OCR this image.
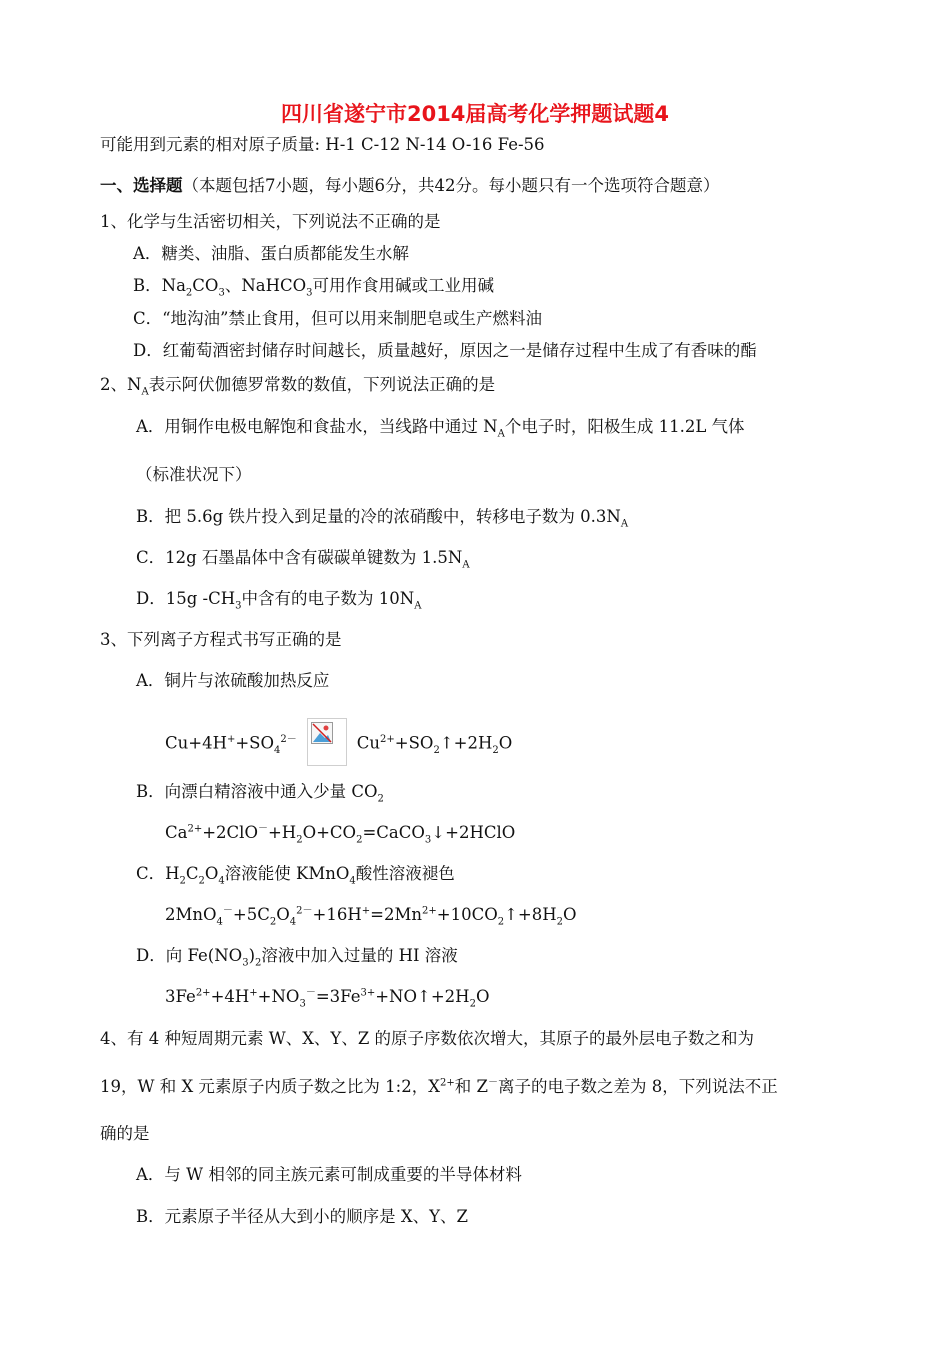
四川省遂宁市2014届高考化学押题试题4
可能用到元素的相对原子质量: H-1 C-12 N-14 O-16 Fe-56
一、选择题（本题包括7小题，每小题6分，共42分。每小题只有一个选项符合题意）
1、化学与生活密切相关，下列说法不正确的是
A．糖类、油脂、蛋白质都能发生水解
B．$Na_2CO_3$、NaHCO$_3$可用作食用碱或工业用碱
C．“地沟油”禁止食用，但可以用来制肥皂或生产燃料油
D．红葡萄酒密封储存时间越长，质量越好，原因之一是储存过程中生成了有香味的酯
2、$N_A$表示阿伏伽德罗常数的数值，下列说法正确的是
A．用铜作电极电解饱和食盐水，当线路中通过 $N_A$个电子时，阳极生成 11.2L 气体
（标准状况下）
B．把 5.6g 铁片投入到足量的冷的浓硝酸中，转移电子数为 $0.3N_A$
C．12g 石墨晶体中含有碳碳单键数为 $1.5N_A$
D．15g $-CH_3$中含有的电子数为 $10N_A$
3、下列离子方程式书写正确的是
A．铜片与浓硫酸加热反应
$Cu+4H^++SO_4^{2-}$	$Cu^{2+}+SO_2↑+2H_2O$
B．向漂白精溶液中通入少量 $CO_2$
$Ca^{2+}+2ClO^-+H_2O+CO_2=CaCO_3↓+2HClO$
C．$H_2C_2O_4$溶液能使 KMnO$_4$酸性溶液褪色
$2MnO_4^-+5C_2O_4^{2-}+16H^+=2Mn^{2+}+10CO_2↑+8H_2O$
D．向 $Fe(NO_3)_2$溶液中加入过量的 HI 溶液
$3Fe^{2+}+4H^++NO_3^-=3Fe^{3+}+NO↑+2H_2O$
4、有 4 种短周期元素 W、X、Y、Z 的原子序数依次增大，其原子的最外层电子数之和为
19，W 和 X 元素原子内质子数之比为 1:2，$X^{2+}$和 Z－离子的电子数之差为 8，下列说法不正
确的是
A．与 W 相邻的同主族元素可制成重要的半导体材料
B．元素原子半径从大到小的顺序是 X、Y、Z
